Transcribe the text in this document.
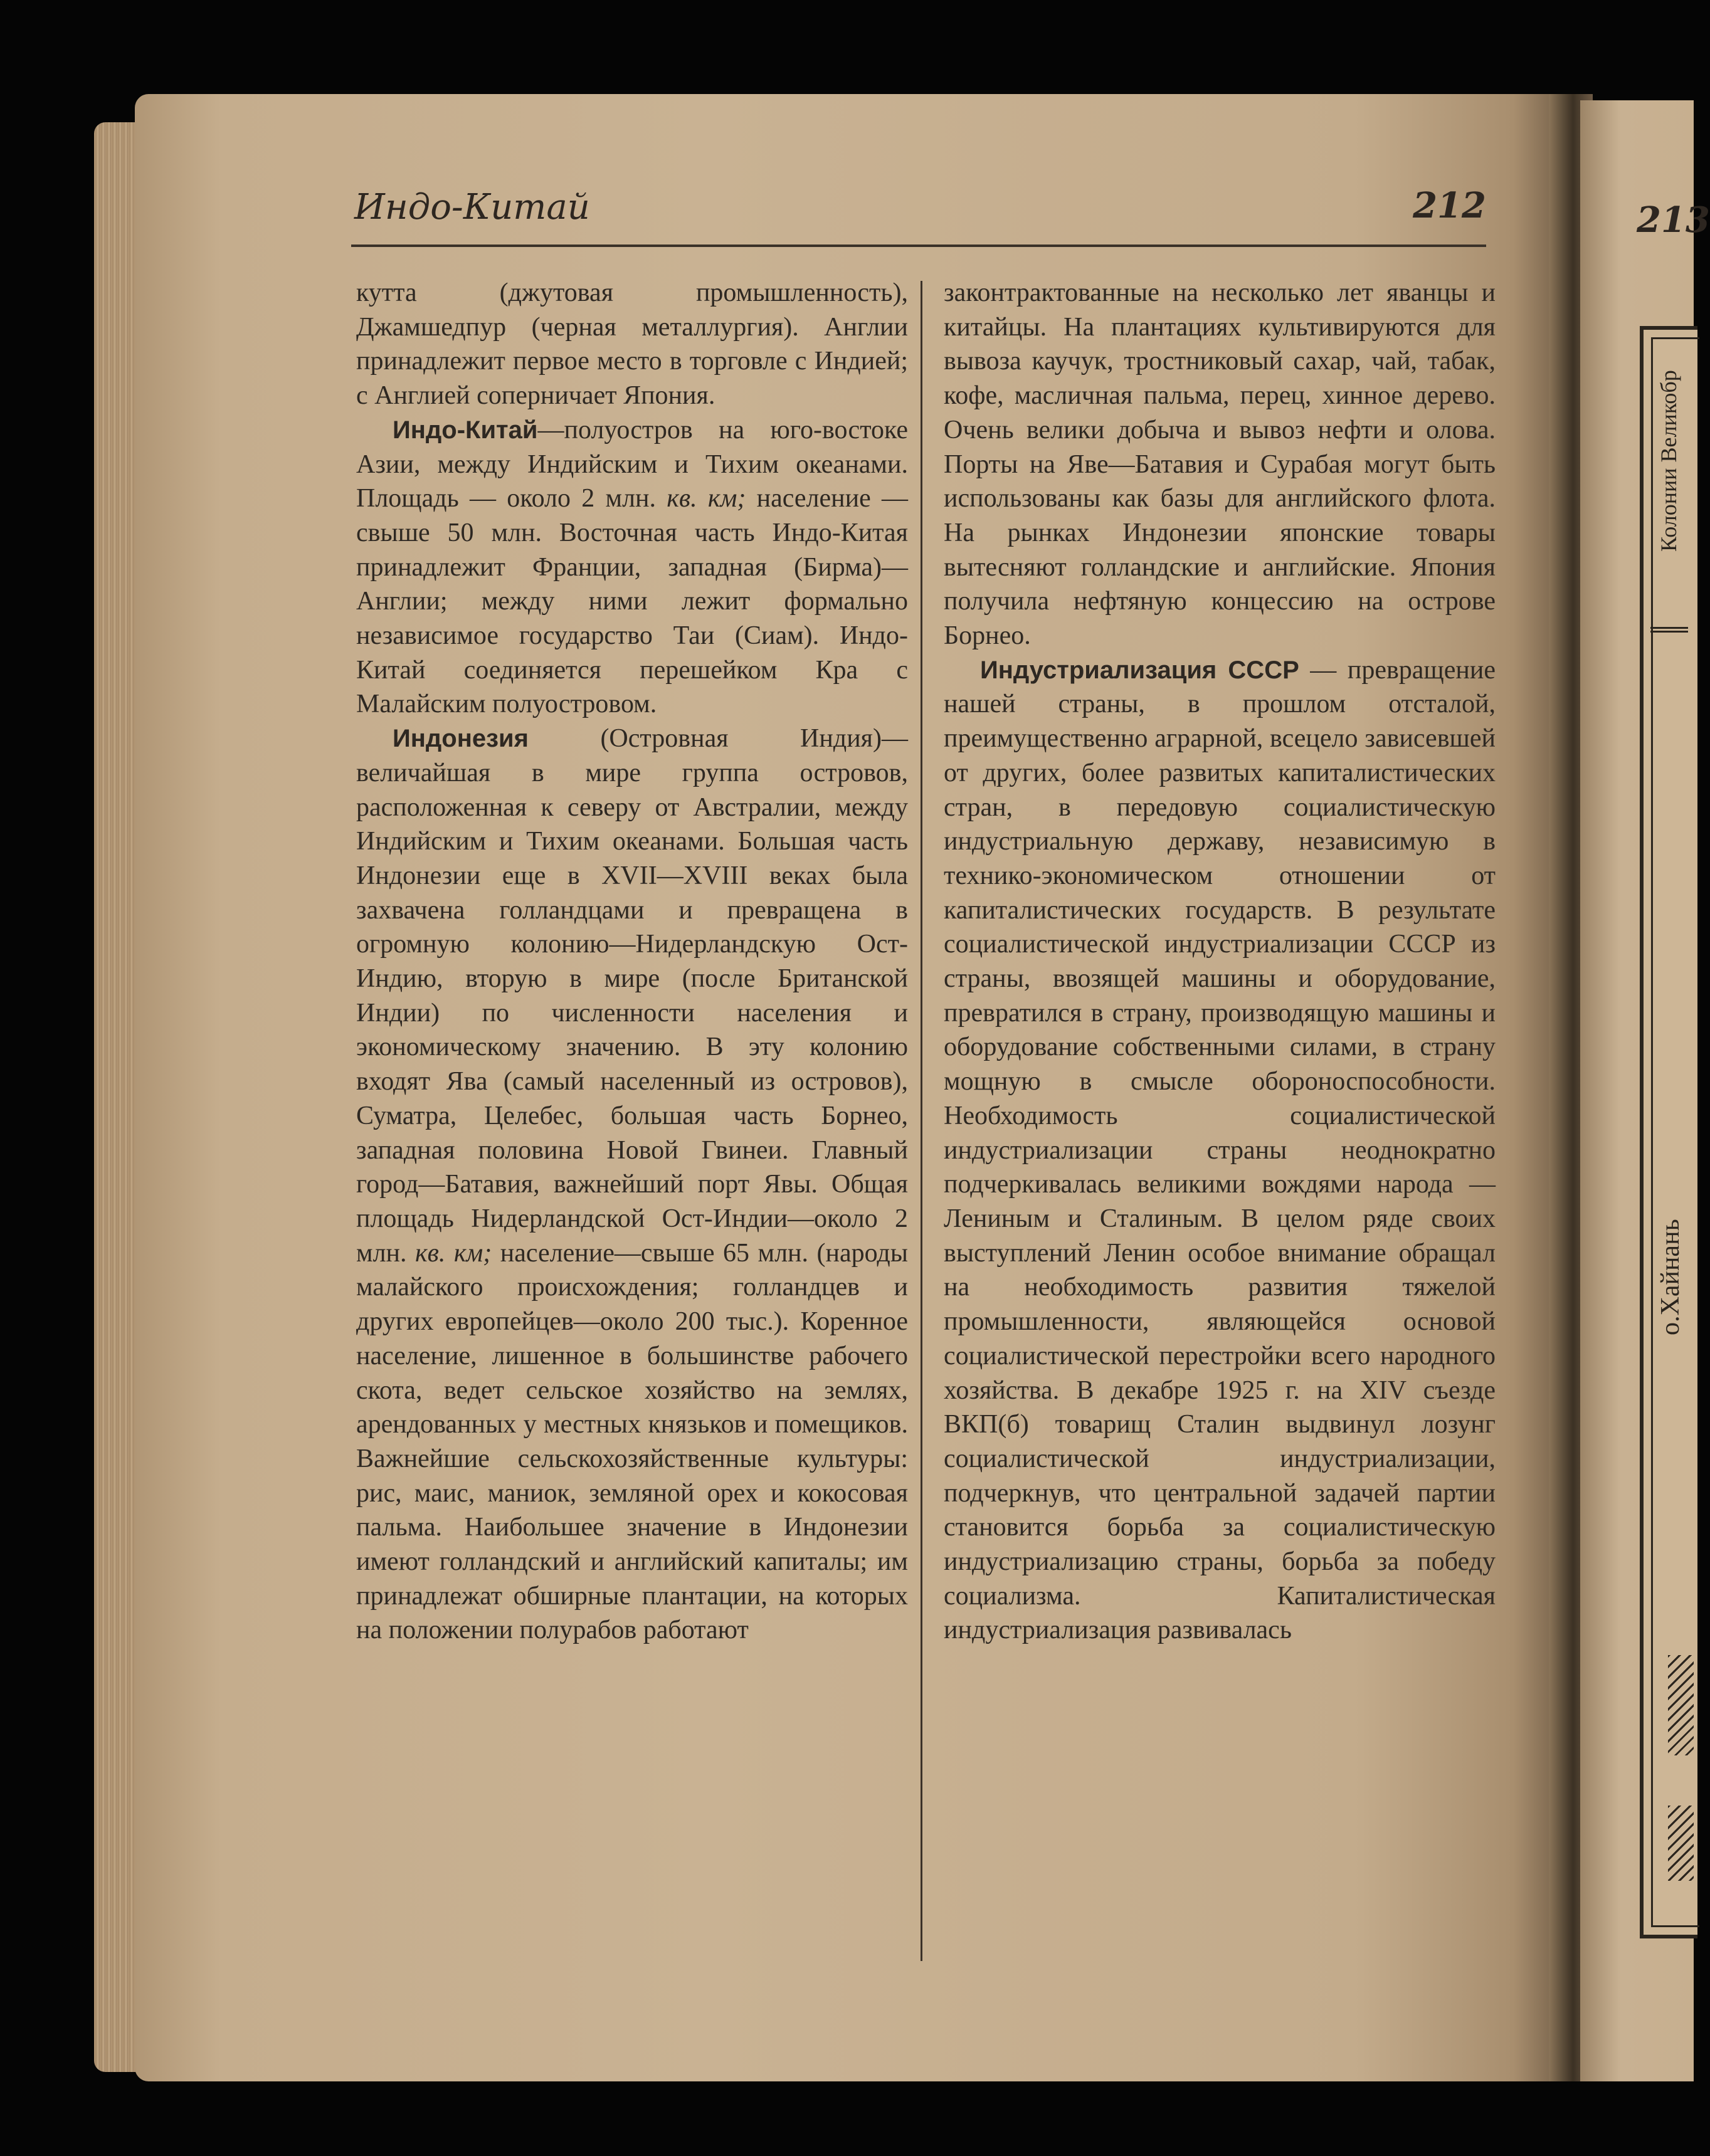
Индо-Китай	212	213

кутта (джутовая промышленность), Джамшедпур (черная металлургия). Англии принадлежит первое место в торговле с Индией; с Англией соперничает Япония.

Индо-Китай—полуостров на юго-востоке Азии, между Индийским и Тихим океанами. Площадь — около 2 млн. кв. км; население — свыше 50 млн. Восточная часть Индо-Китая принадлежит Франции, западная (Бирма)—Англии; между ними лежит формально независимое государство Таи (Сиам). Индо-Китай соединяется перешейком Кра с Малайским полуостровом.

Индонезия (Островная Индия)—величайшая в мире группа островов, расположенная к северу от Австралии, между Индийским и Тихим океанами. Большая часть Индонезии еще в XVII—XVIII веках была захвачена голландцами и превращена в огромную колонию—Нидерландскую Ост-Индию, вторую в мире (после Британской Индии) по численности населения и экономическому значению. В эту колонию входят Ява (самый населенный из островов), Суматра, Целебес, большая часть Борнео, западная половина Новой Гвинеи. Главный город—Батавия, важнейший порт Явы. Общая площадь Нидерландской Ост-Индии—около 2 млн. кв. км; население—свыше 65 млн. (народы малайского происхождения; голландцев и других европейцев—около 200 тыс.). Коренное население, лишенное в большинстве рабочего скота, ведет сельское хозяйство на землях, арендованных у местных князьков и помещиков. Важнейшие сельскохозяйственные культуры: рис, маис, маниок, земляной орех и кокосовая пальма. Наибольшее значение в Индонезии имеют голландский и английский капиталы; им принадлежат обширные плантации, на которых на положении полурабов работают

законтрактованные на несколько лет яванцы и китайцы. На плантациях культивируются для вывоза каучук, тростниковый сахар, чай, табак, кофе, масличная пальма, перец, хинное дерево. Очень велики добыча и вывоз нефти и олова. Порты на Яве—Батавия и Сурабая могут быть использованы как базы для английского флота. На рынках Индонезии японские товары вытесняют голландские и английские. Япония получила нефтяную концессию на острове Борнео.

Индустриализация СССР — превращение нашей страны, в прошлом отсталой, преимущественно аграрной, всецело зависевшей от других, более развитых капиталистических стран, в передовую социалистическую индустриальную державу, независимую в технико-экономическом отношении от капиталистических государств. В результате социалистической индустриализации СССР из страны, ввозящей машины и оборудование, превратился в страну, производящую машины и оборудование собственными силами, в страну мощную в смысле обороноспособности. Необходимость социалистической индустриализации страны неоднократно подчеркивалась великими вождями народа — Лениным и Сталиным. В целом ряде своих выступлений Ленин особое внимание обращал на необходимость развития тяжелой промышленности, являющейся основой социалистической перестройки всего народного хозяйства. В декабре 1925 г. на XIV съезде ВКП(б) товарищ Сталин выдвинул лозунг социалистической индустриализации, подчеркнув, что центральной задачей партии становится борьба за социалистическую индустриализацию страны, борьба за победу социализма. Капиталистическая индустриализация развивалась

Колонии Великобр
о.Хайнань
